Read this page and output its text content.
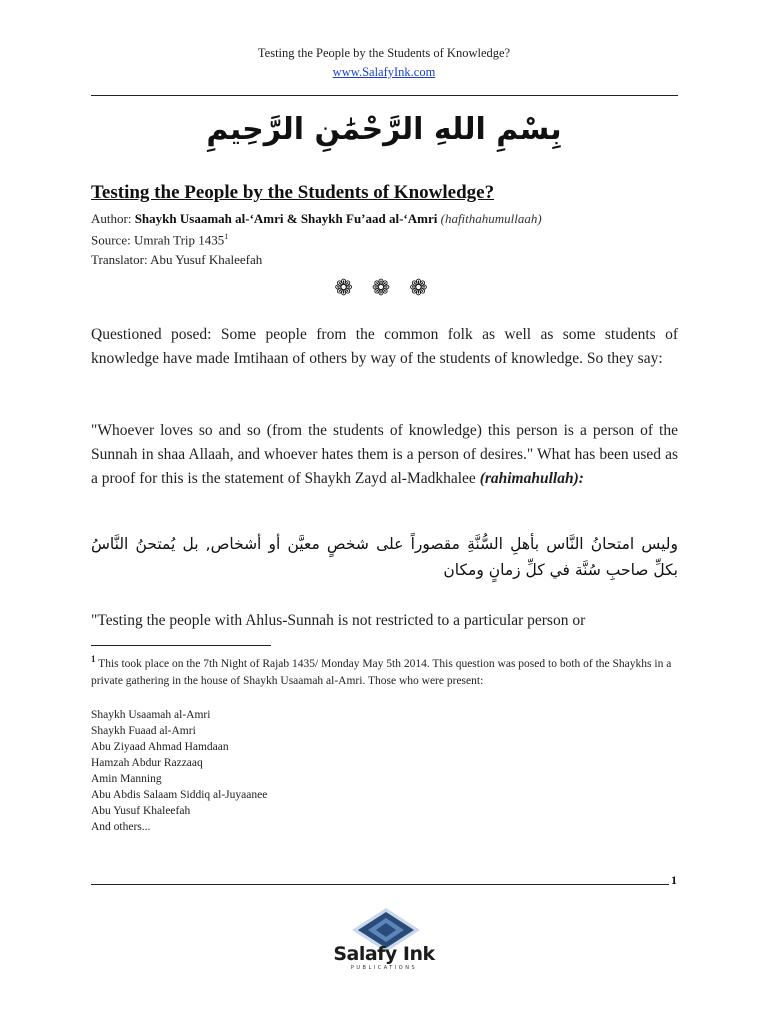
Testing the People by the Students of Knowledge?
www.SalafyInk.com
بِسْمِ اللهِ الرَّحْمَٰنِ الرَّحِيمِ
Testing the People by the Students of Knowledge?
Author: Shaykh Usaamah al-‘Amri & Shaykh Fu’aad al-‘Amri (hafithahumullaah)
Source: Umrah Trip 1435$^1$
Translator: Abu Yusuf Khaleefah
❁ ❁ ❁
Questioned posed: Some people from the common folk as well as some students of knowledge have made Imtihaan of others by way of the students of knowledge. So they say:
"Whoever loves so and so (from the students of knowledge) this person is a person of the Sunnah in shaa Allaah, and whoever hates them is a person of desires." What has been used as a proof for this is the statement of Shaykh Zayd al-Madkhalee (rahimahullah):
وليس امتحانُ النَّاس بأهلِ السُّنَّةِ مقصوراً على شخصٍ معيَّن أو أشخاص, بل يُمتحنُ النَّاسُ بكلِّ صاحبِ سُنَّة في كلِّ زمانٍ ومكان
"Testing the people with Ahlus-Sunnah is not restricted to a particular person or
$^1$ This took place on the 7th Night of Rajab 1435/ Monday May 5th 2014. This question was posed to both of the Shaykhs in a private gathering in the house of Shaykh Usaamah al-Amri. Those who were present:
Shaykh Usaamah al-Amri
Shaykh Fuaad al-Amri
Abu Ziyaad Ahmad Hamdaan
Hamzah Abdur Razzaaq
Amin Manning
Abu Abdis Salaam Siddiq al-Juyaanee
Abu Yusuf Khaleefah
And others...
1
Salafy Ink
PUBLICATIONS
